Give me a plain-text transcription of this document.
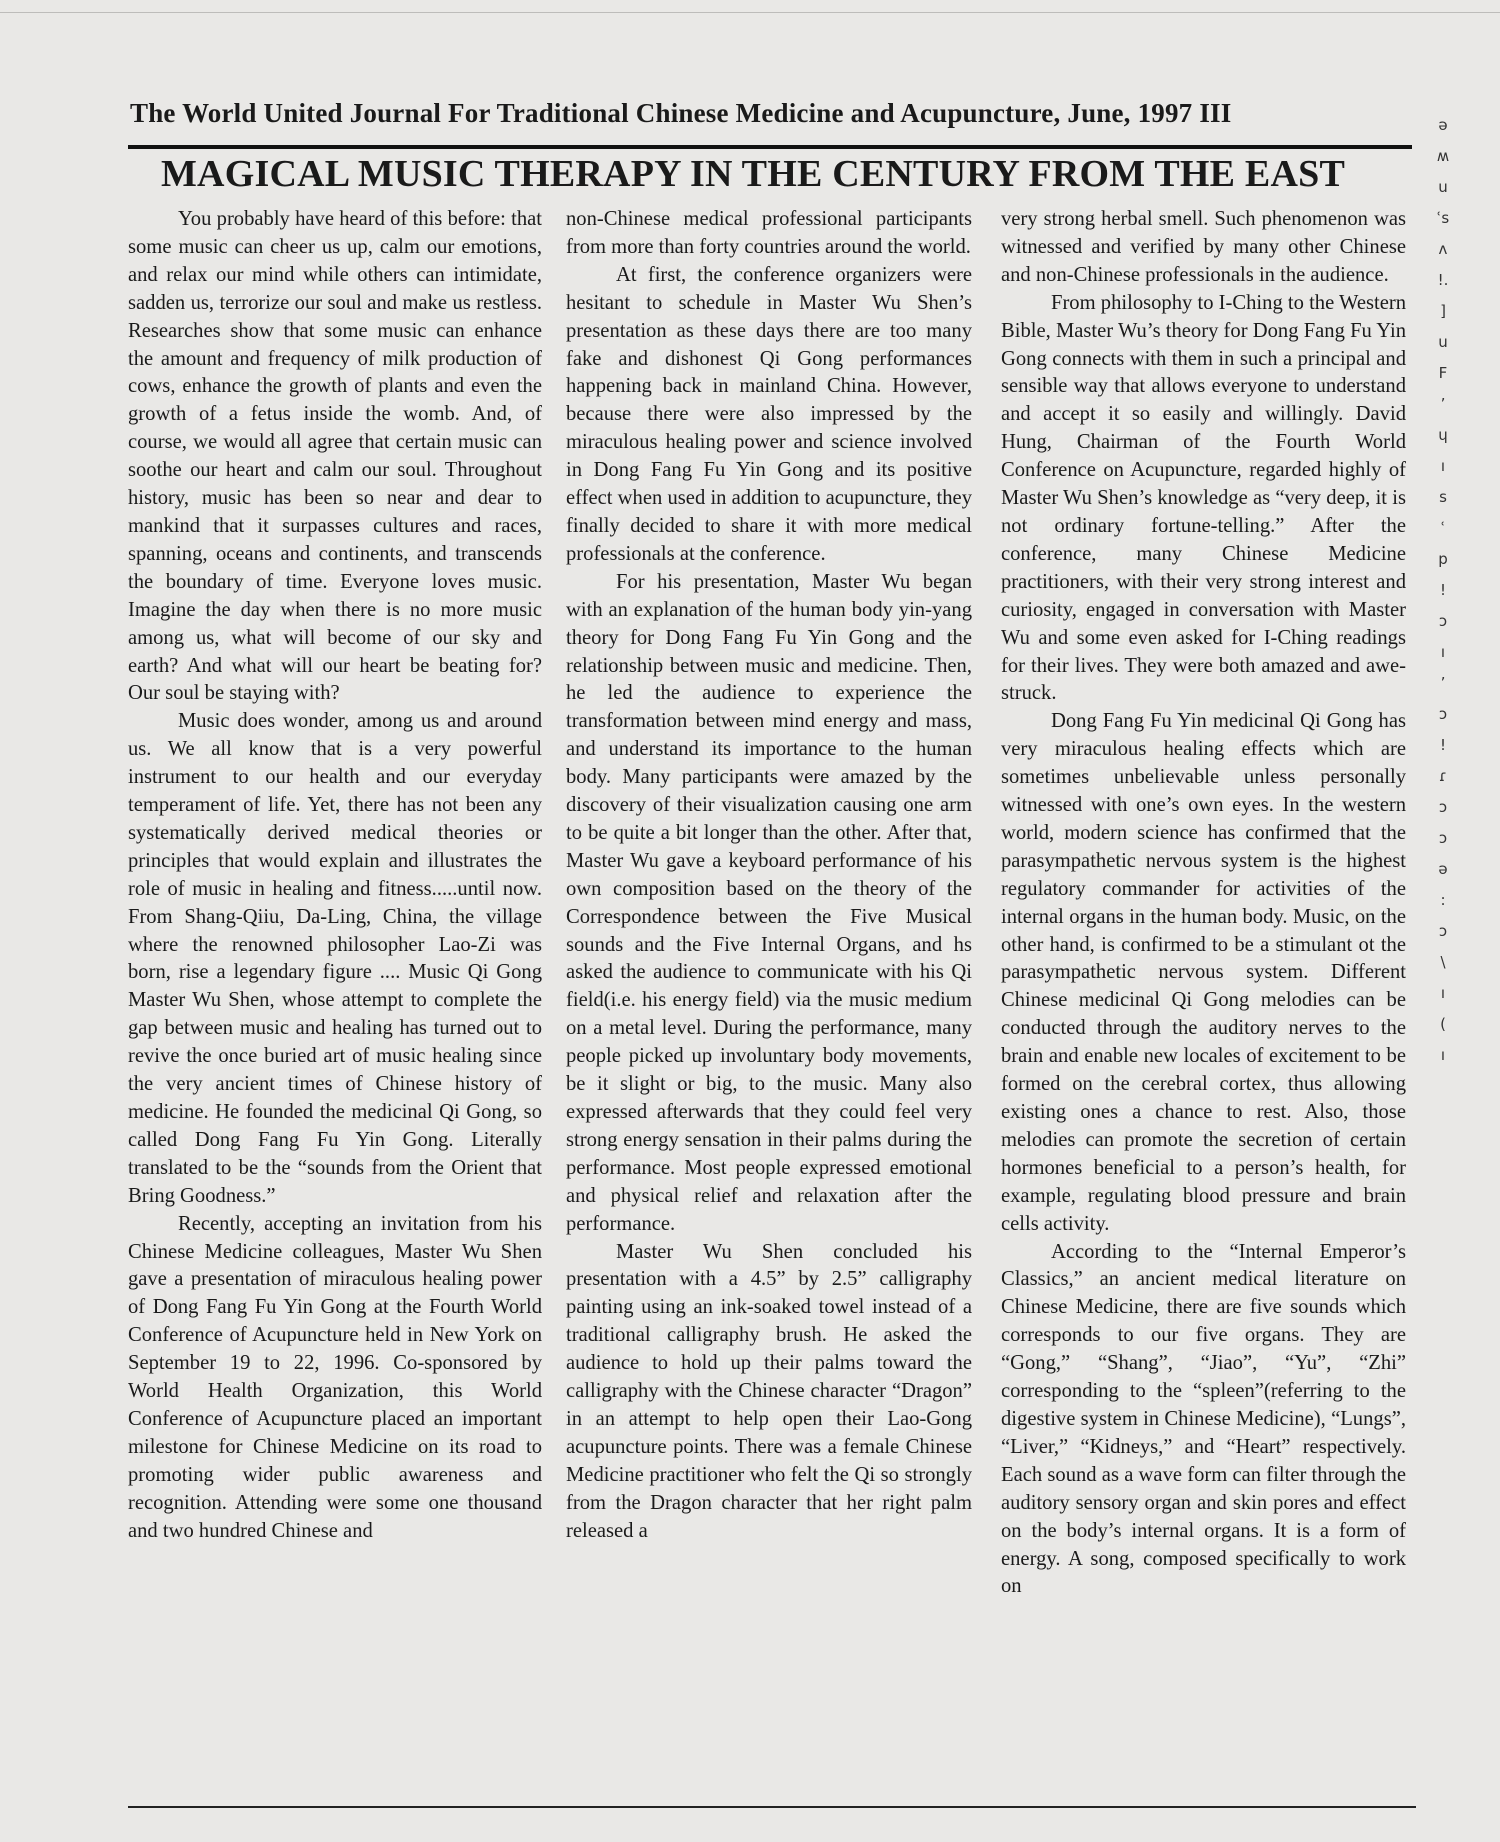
The World United Journal For Traditional Chinese Medicine and Acupuncture, June, 1997 III
MAGICAL MUSIC THERAPY IN THE CENTURY FROM THE EAST

You probably have heard of this before: that some music can cheer us up, calm our emotions, and relax our mind while others can intimidate, sadden us, terrorize our soul and make us restless. Researches show that some music can enhance the amount and frequency of milk production of cows, enhance the growth of plants and even the growth of a fetus inside the womb. And, of course, we would all agree that certain music can soothe our heart and calm our soul. Throughout history, music has been so near and dear to mankind that it surpasses cultures and races, spanning, oceans and continents, and transcends the boundary of time. Everyone loves music. Imagine the day when there is no more music among us, what will become of our sky and earth? And what will our heart be beating for? Our soul be staying with?

Music does wonder, among us and around us. We all know that is a very powerful instrument to our health and our everyday temperament of life. Yet, there has not been any systematically derived medical theories or principles that would explain and illustrates the role of music in healing and fitness.....until now. From Shang-Qiiu, Da-Ling, China, the village where the renowned philosopher Lao-Zi was born, rise a legendary figure .... Music Qi Gong Master Wu Shen, whose attempt to complete the gap between music and healing has turned out to revive the once buried art of music healing since the very ancient times of Chinese history of medicine. He founded the medicinal Qi Gong, so called Dong Fang Fu Yin Gong. Literally translated to be the “sounds from the Orient that Bring Goodness.”

Recently, accepting an invitation from his Chinese Medicine colleagues, Master Wu Shen gave a presentation of miraculous healing power of Dong Fang Fu Yin Gong at the Fourth World Conference of Acupuncture held in New York on September 19 to 22, 1996. Co-sponsored by World Health Organization, this World Conference of Acupuncture placed an important milestone for Chinese Medicine on its road to promoting wider public awareness and recognition. Attending were some one thousand and two hundred Chinese and

non-Chinese medical professional participants from more than forty countries around the world.

At first, the conference organizers were hesitant to schedule in Master Wu Shen’s presentation as these days there are too many fake and dishonest Qi Gong performances happening back in mainland China. However, because there were also impressed by the miraculous healing power and science involved in Dong Fang Fu Yin Gong and its positive effect when used in addition to acupuncture, they finally decided to share it with more medical professionals at the conference.

For his presentation, Master Wu began with an explanation of the human body yin-yang theory for Dong Fang Fu Yin Gong and the relationship between music and medicine. Then, he led the audience to experience the transformation between mind energy and mass, and understand its importance to the human body. Many participants were amazed by the discovery of their visualization causing one arm to be quite a bit longer than the other. After that, Master Wu gave a keyboard performance of his own composition based on the theory of the Correspondence between the Five Musical sounds and the Five Internal Organs, and hs asked the audience to communicate with his Qi field(i.e. his energy field) via the music medium on a metal level. During the performance, many people picked up involuntary body movements, be it slight or big, to the music. Many also expressed afterwards that they could feel very strong energy sensation in their palms during the performance. Most people expressed emotional and physical relief and relaxation after the performance.

Master Wu Shen concluded his presentation with a 4.5” by 2.5” calligraphy painting using an ink-soaked towel instead of a traditional calligraphy brush. He asked the audience to hold up their palms toward the calligraphy with the Chinese character “Dragon” in an attempt to help open their Lao-Gong acupuncture points. There was a female Chinese Medicine practitioner who felt the Qi so strongly from the Dragon character that her right palm released a

very strong herbal smell. Such phenomenon was witnessed and verified by many other Chinese and non-Chinese professionals in the audience.

From philosophy to I-Ching to the Western Bible, Master Wu’s theory for Dong Fang Fu Yin Gong connects with them in such a principal and sensible way that allows everyone to understand and accept it so easily and willingly. David Hung, Chairman of the Fourth World Conference on Acupuncture, regarded highly of Master Wu Shen’s knowledge as “very deep, it is not ordinary fortune-telling.” After the conference, many Chinese Medicine practitioners, with their very strong interest and curiosity, engaged in conversation with Master Wu and some even asked for I-Ching readings for their lives. They were both amazed and awe-struck.

Dong Fang Fu Yin medicinal Qi Gong has very miraculous healing effects which are sometimes unbelievable unless personally witnessed with one’s own eyes. In the western world, modern science has confirmed that the parasympathetic nervous system is the highest regulatory commander for activities of the internal organs in the human body. Music, on the other hand, is confirmed to be a stimulant ot the parasympathetic nervous system. Different Chinese medicinal Qi Gong melodies can be conducted through the auditory nerves to the brain and enable new locales of excitement to be formed on the cerebral cortex, thus allowing existing ones a chance to rest. Also, those melodies can promote the secretion of certain hormones beneficial to a person’s health, for example, regulating blood pressure and brain cells activity.

According to the “Internal Emperor’s Classics,” an ancient medical literature on Chinese Medicine, there are five sounds which corresponds to our five organs. They are “Gong,” “Shang”, “Jiao”, “Yu”, “Zhi” corresponding to the “spleen”(referring to the digestive system in Chinese Medicine), “Lungs”, “Liver,” “Kidneys,” and “Heart” respectively. Each sound as a wave form can filter through the auditory sensory organ and skin pores and effect on the body’s internal organs. It is a form of energy. A song, composed specifically to work on

ə
ʍ
u
ʿs
ʌ
!.
]
u
F
ʼ
ɥ
ı
s
ʿ
p
!
ɔ
ı
ʼ
ɔ
!
ɾ
ɔ
ɔ
ə
:
ɔ
\
ı
(
ı
